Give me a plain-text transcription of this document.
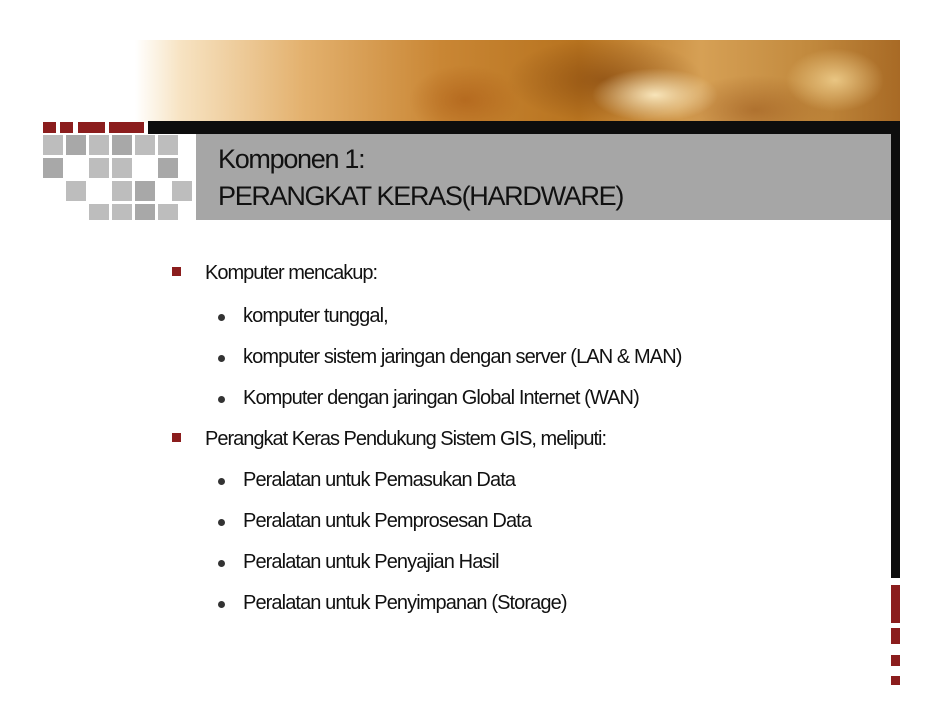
Komponen 1:
PERANGKAT KERAS(HARDWARE)
Komputer mencakup:
komputer tunggal,
komputer sistem jaringan dengan server (LAN & MAN)
Komputer dengan jaringan Global Internet (WAN)
Perangkat Keras Pendukung Sistem GIS, meliputi:
Peralatan untuk Pemasukan Data
Peralatan untuk Pemprosesan Data
Peralatan untuk Penyajian Hasil
Peralatan untuk Penyimpanan (Storage)
